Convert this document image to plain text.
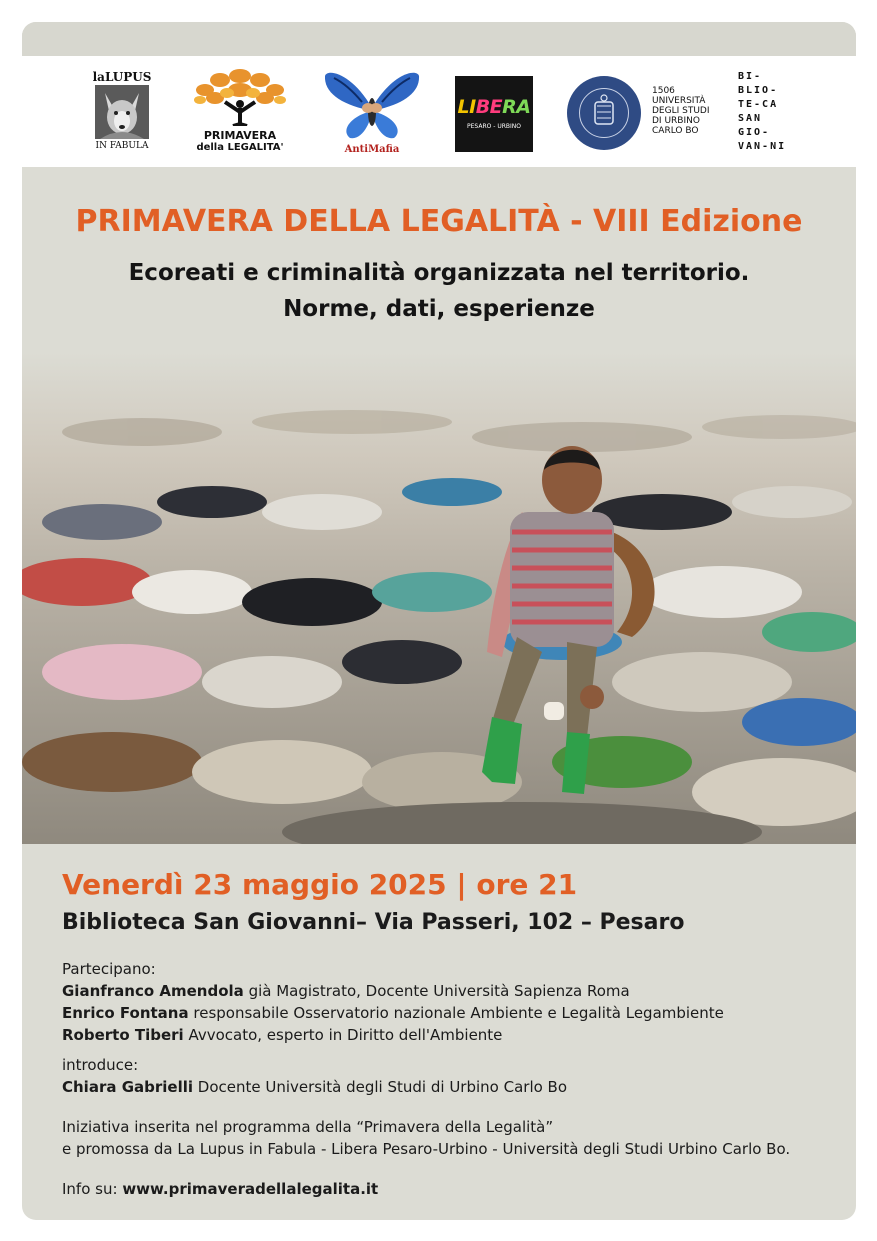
laLUPUS
IN FABULA
PRIMAVERA
della LEGALITA'	AntiMafia
LIBERA
PESARO - URBINO
1506
UNIVERSITÀ
DEGLI STUDI
DI URBINO
CARLO BO
BI-
BLIO-
TE-CA
SAN
GIO-
VAN-NI
PRIMAVERA DELLA LEGALITÀ - VIII Edizione
Ecoreati e criminalità organizzata nel territorio.
Norme, dati, esperienze
Venerdì 23 maggio 2025 | ore 21
Biblioteca San Giovanni– Via Passeri, 102 – Pesaro
Partecipano:
Gianfranco Amendola già Magistrato, Docente Università Sapienza Roma
Enrico Fontana responsabile Osservatorio nazionale Ambiente e Legalità Legambiente
Roberto Tiberi Avvocato, esperto in Diritto dell'Ambiente
introduce:
Chiara Gabrielli Docente Università degli Studi di Urbino Carlo Bo
Iniziativa inserita nel programma della “Primavera della Legalità”
e promossa da La Lupus in Fabula - Libera Pesaro-Urbino - Università degli Studi Urbino Carlo Bo.
Info su: www.primaveradellalegalita.it
